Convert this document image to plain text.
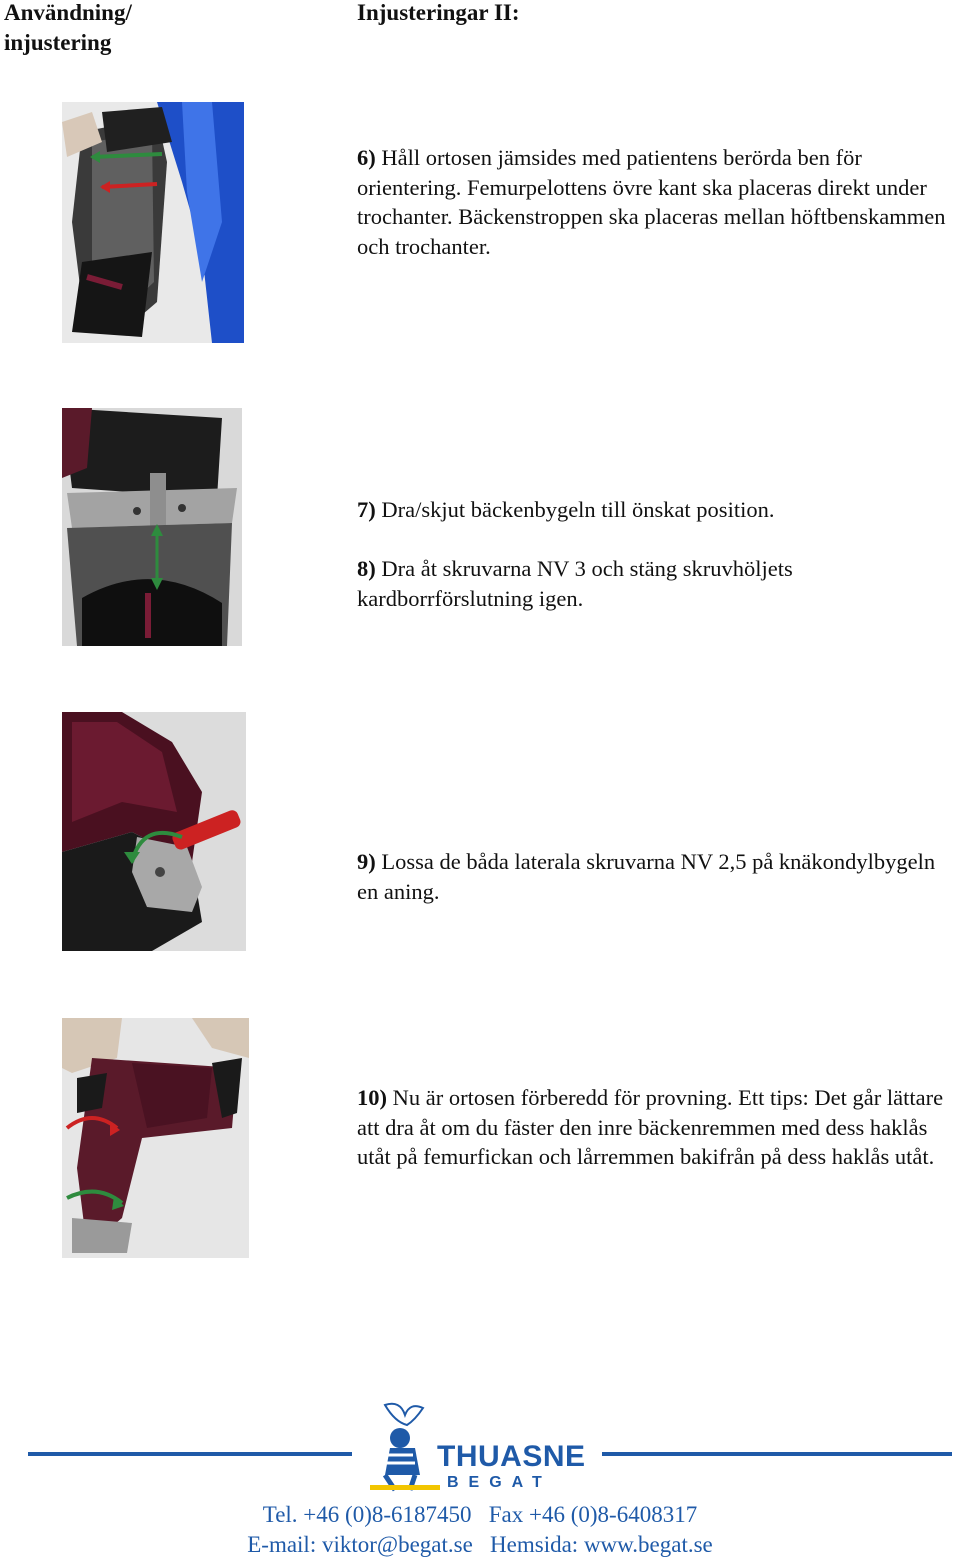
Användning/
injustering
Injusteringar II:

6) Håll ortosen jämsides med patientens berörda ben för orientering. Femurpelottens övre kant ska placeras direkt under trochanter. Bäckenstroppen ska placeras mellan höftbenskammen och trochanter.

7) Dra/skjut bäckenbygeln till önskat position.

8) Dra åt skruvarna NV 3 och stäng skruvhöljets kardborrförslutning igen.

9) Lossa de båda laterala skruvarna NV 2,5 på knäkondylbygeln en aning.

10) Nu är ortosen förberedd för provning. Ett tips: Det går lättare att dra åt om du fäster den inre bäckenremmen med dess haklås utåt på femurfickan och lårremmen bakifrån på dess haklås utåt.

THUASNE
BEGAT
Tel. +46 (0)8-6187450   Fax +46 (0)8-6408317
E-mail: viktor@begat.se   Hemsida: www.begat.se
